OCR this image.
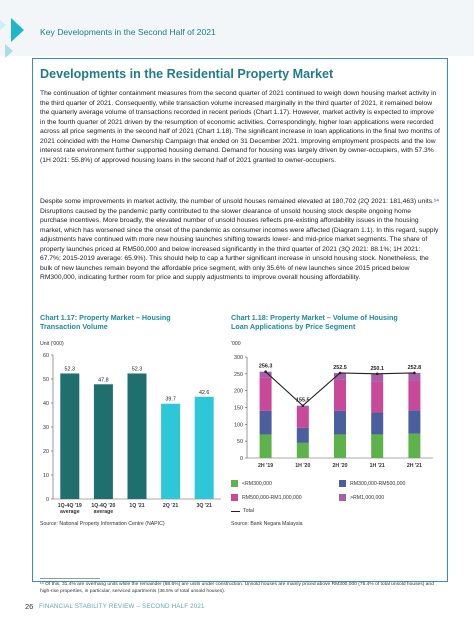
Key Developments in the Second Half of 2021
Developments in the Residential Property Market

The continuation of tighter containment measures from the second quarter of 2021 continued to weigh down housing market activity in the third quarter of 2021. Consequently, while transaction volume increased marginally in the third quarter of 2021, it remained below the quarterly average volume of transactions recorded in recent periods (Chart 1.17). However, market activity is expected to improve in the fourth quarter of 2021 driven by the resumption of economic activities. Correspondingly, higher loan applications were recorded across all price segments in the second half of 2021 (Chart 1.18). The significant increase in loan applications in the final two months of 2021 coincided with the Home Ownership Campaign that ended on 31 December 2021. Improving employment prospects and the low interest rate environment further supported housing demand. Demand for housing was largely driven by owner-occupiers, with 57.3% (1H 2021: 55.8%) of approved housing loans in the second half of 2021 granted to owner-occupiers.

Despite some improvements in market activity, the number of unsold houses remained elevated at 180,702 (2Q 2021: 181,463) units.¹⁴ Disruptions caused by the pandemic partly contributed to the slower clearance of unsold housing stock despite ongoing home purchase incentives. More broadly, the elevated number of unsold houses reflects pre-existing affordability issues in the housing market, which has worsened since the onset of the pandemic as consumer incomes were affected (Diagram 1.1). In this regard, supply adjustments have continued with more new housing launches shifting towards lower- and mid-price market segments. The share of property launches priced at RM500,000 and below increased significantly in the third quarter of 2021 (3Q 2021: 88.1%; 1H 2021: 67.7%; 2015-2019 average: 65.9%). This should help to cap a further significant increase in unsold housing stock. Nonetheless, the bulk of new launches remain beyond the affordable price segment, with only 35.6% of new launches since 2015 priced below RM300,000, indicating further room for price and supply adjustments to improve overall housing affordability.

Chart 1.17: Property Market – Housing Transaction Volume
Unit ('000)
0
10
20
30
40
50
60
52.3
1Q-4Q '19
average
47.8
1Q-4Q '20
average
52.3
1Q '21
39.7
2Q '21
42.6
3Q '21
Source: National Property Information Centre (NAPIC)
Chart 1.18: Property Market – Volume of Housing Loan Applications by Price Segment
'000
0
50
100
150
200
250
300
2H '19	1H '20	2H '20	1H '21	2H '21
256.3
155.5
252.5	250.1	252.8
<RM300,000	RM300,000-RM500,000
RM500,000-RM1,000,000	>RM1,000,000
Total
Source: Bank Negara Malaysia
¹⁴ Of this, 31.4% are overhang units while the remainder (68.6%) are units under construction. Unsold houses are mainly priced above RM300,000 (75.4% of total unsold houses) and high-rise properties, in particular, serviced apartments (36.5% of total unsold houses).
26 FINANCIAL STABILITY REVIEW – SECOND HALF 2021
